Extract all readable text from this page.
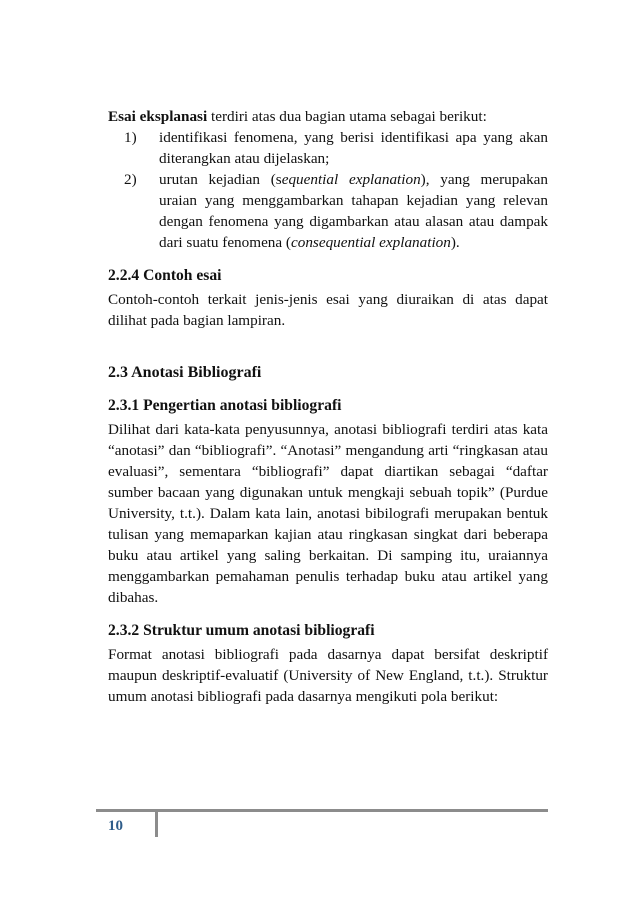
Esai eksplanasi terdiri atas dua bagian utama sebagai berikut:

1) identifikasi fenomena, yang berisi identifikasi apa yang akan diterangkan atau dijelaskan;
2) urutan kejadian (sequential explanation), yang merupakan uraian yang menggambarkan tahapan kejadian yang relevan dengan fenomena yang digambarkan atau alasan atau dampak dari suatu fenomena (consequential explanation).
2.2.4 Contoh esai

Contoh-contoh terkait jenis-jenis esai yang diuraikan di atas dapat dilihat pada bagian lampiran.

2.3 Anotasi Bibliografi
2.3.1 Pengertian anotasi bibliografi

Dilihat dari kata-kata penyusunnya, anotasi bibliografi terdiri atas kata “anotasi” dan “bibliografi”. “Anotasi” mengandung arti “ringkasan atau evaluasi”, sementara “bibliografi” dapat diartikan sebagai “daftar sumber bacaan yang digunakan untuk mengkaji sebuah topik” (Purdue University, t.t.). Dalam kata lain, anotasi bibilografi merupakan bentuk tulisan yang memaparkan kajian atau ringkasan singkat dari beberapa buku atau artikel yang saling berkaitan. Di samping itu, uraiannya menggambarkan pemahaman penulis terhadap buku atau artikel yang dibahas.

2.3.2 Struktur umum anotasi bibliografi

Format anotasi bibliografi pada dasarnya dapat bersifat deskriptif maupun deskriptif-evaluatif (University of New England, t.t.). Struktur umum anotasi bibliografi pada dasarnya mengikuti pola berikut:

10
